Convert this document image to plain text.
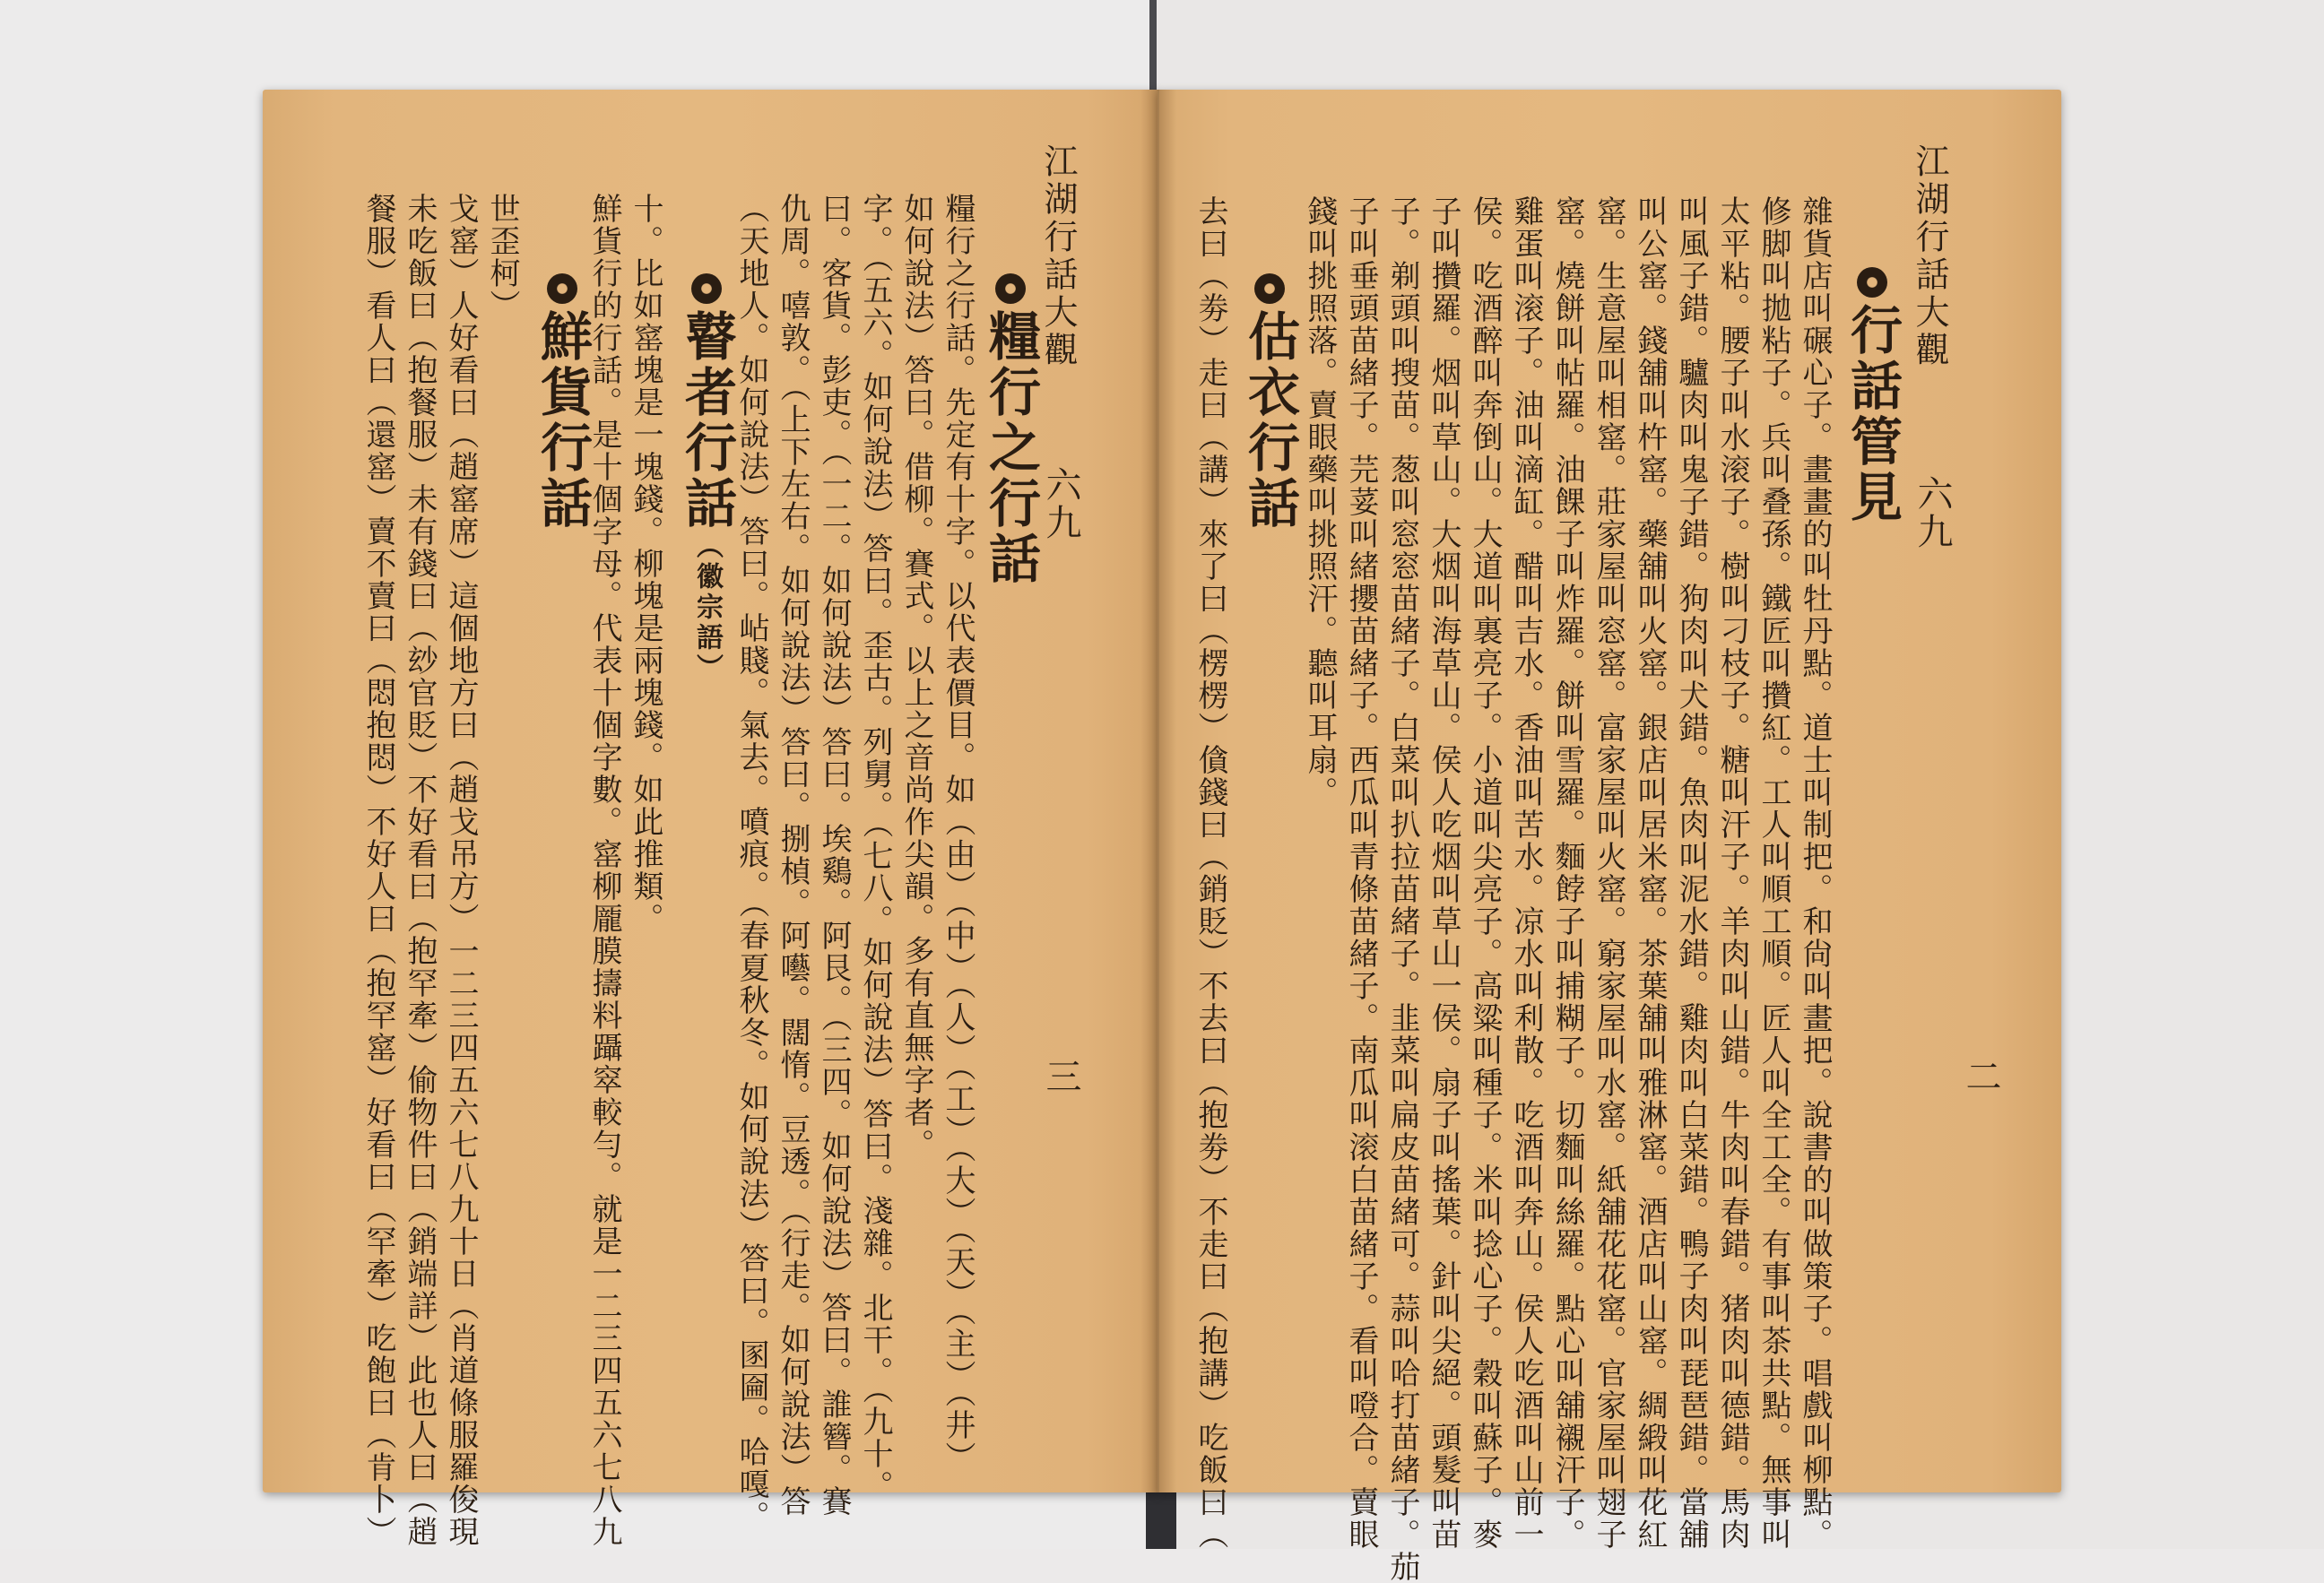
江湖行話大觀
六九
三
糧行之行話
糧行之行話。先定有十字。以代表價目。如（由）（中）（人）（工）（大）（天）（主）（井）
如何說法）答曰。借柳。賽式。以上之音尚作尖韻。多有直無字者。
字。（五六。如何說法）答曰。歪古。列舅。（七八。如何說法）答曰。淺雜。北干。（九十。
曰。客貨。彭吏。（一二。如何說法）答曰。埃鷄。阿艮。（三四。如何說法）答曰。誰簪。賽
仇周。嘻敦。（上下左右。如何說法）答曰。捌楨。阿囈。闊惰。豆透。（行走。如何說法）答
（天地人。如何說法）答曰。岾賤。氣去。噴痕。（春夏秋冬。如何說法）答曰。圂圇。哈嘎。
瞽者行話（徽宗語）
十。比如窰塊是一塊錢。柳塊是兩塊錢。如此推類。
鮮貨行的行話。是十個字母。代表十個字數。窰柳龎膜擣料躡窣較勻。就是一二三四五六七八九
鮮貨行話
世歪柯）
戈窰）人好看曰（趙窰席）這個地方曰（趙戈吊方）一二三四五六七八九十日（肖道條服羅俊現
未吃飯曰（抱餐服）未有錢曰（玅官貶）不好看曰（抱罕牽）偷物件曰（銷端詳）此也人曰（趙
餐服）看人曰（還窰）賣不賣曰（悶抱悶）不好人曰（抱罕窰）好看曰（罕牽）吃飽曰（肯卜）	江湖行話大觀
六九
二
行話管見
雜貨店叫碾心子。畫畫的叫牡丹點。道士叫制把。和尙叫畫把。說書的叫做策子。唱戲叫柳點。
修脚叫拋粘子。兵叫叠孫。鐵匠叫攢紅。工人叫順工順。匠人叫全工全。有事叫茶共點。無事叫
太平粘。腰子叫水滚子。樹叫刁枝子。糖叫汗子。羊肉叫山錯。牛肉叫春錯。猪肉叫德錯。馬肉
叫風子錯。驢肉叫鬼子錯。狗肉叫犬錯。魚肉叫泥水錯。雞肉叫白菜錯。鴨子肉叫琵琶錯。當舖
叫公窰。錢舖叫杵窰。藥舖叫火窰。銀店叫居米窰。茶葉舖叫雅淋窰。酒店叫山窰。綢緞叫花紅
窰。生意屋叫相窰。莊家屋叫窓窰。富家屋叫火窰。窮家屋叫水窰。紙舖花花窰。官家屋叫翅子
窰。燒餅叫帖羅。油餜子叫炸羅。餅叫雪羅。麵餑子叫捕糊子。切麵叫絲羅。點心叫舖襯汗子。
雞蛋叫滚子。油叫滴缸。醋叫吉水。香油叫苦水。凉水叫利散。吃酒叫奔山。侯人吃酒叫山前一
侯。吃酒醉叫奔倒山。大道叫裏亮子。小道叫尖亮子。高粱叫種子。米叫捻心子。穀叫蘇子。麥
子叫攢羅。烟叫草山。大烟叫海草山。侯人吃烟叫草山一侯。扇子叫搖葉。針叫尖絕。頭髮叫苗
子。剃頭叫搜苗。葱叫窓窓苗緒子。白菜叫扒拉苗緒子。韭菜叫扁皮苗緒可。蒜叫哈打苗緒子。茄
子叫垂頭苗緒子。芫荽叫緒攖苗緒子。西瓜叫青條苗緒子。南瓜叫滚白苗緒子。看叫噔合。賣眼
錢叫挑照落。賣眼藥叫挑照汗。聽叫耳扇。
估衣行話
去曰（劵）走曰（講）來了曰（楞楞）僋錢曰（銷貶）不去曰（抱劵）不走曰（抱講）吃飯曰（
